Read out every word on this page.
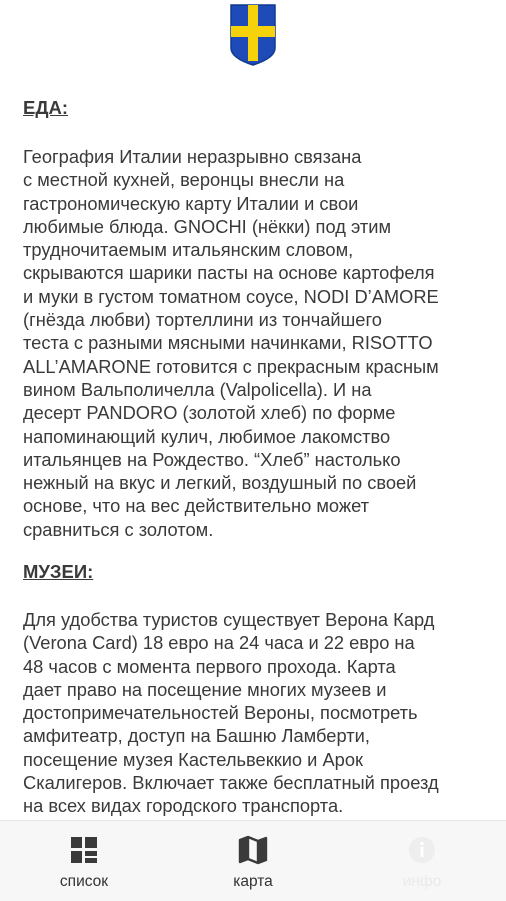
ЕДА:

География Италии неразрывно связана
с местной кухней, веронцы внесли на
гастрономическую карту Италии и свои
любимые блюда. GNOCHI (нёкки) под этим
трудночитаемым итальянским словом,
скрываются шарики пасты на основе картофеля
и муки в густом томатном соусе, NODI D’AMORE
(гнёзда любви) тортеллини из тончайшего
теста с разными мясными начинками, RISOTTO
ALL’AMARONE готовится с прекрасным красным
вином Вальполичелла (Valpolicella). И на
десерт PANDORO (золотой хлеб) по форме
напоминающий кулич, любимое лакомство
итальянцев на Рождество. “Хлеб” настолько
нежный на вкус и легкий, воздушный по своей
основе, что на вес действительно может
сравниться с золотом.

МУЗЕИ:

Для удобства туристов существует Верона Кард
(Verona Card) 18 евро на 24 часа и 22 евро на
48 часов с момента первого прохода. Карта
дает право на посещение многих музеев и
достопримечательностей Вероны, посмотреть
амфитеатр, доступ на Башню Ламберти,
посещение музея Кастельвеккио и Арок
Скалигеров. Включает также бесплатный проезд
на всех видах городского транспорта.

список	карта	инфо
